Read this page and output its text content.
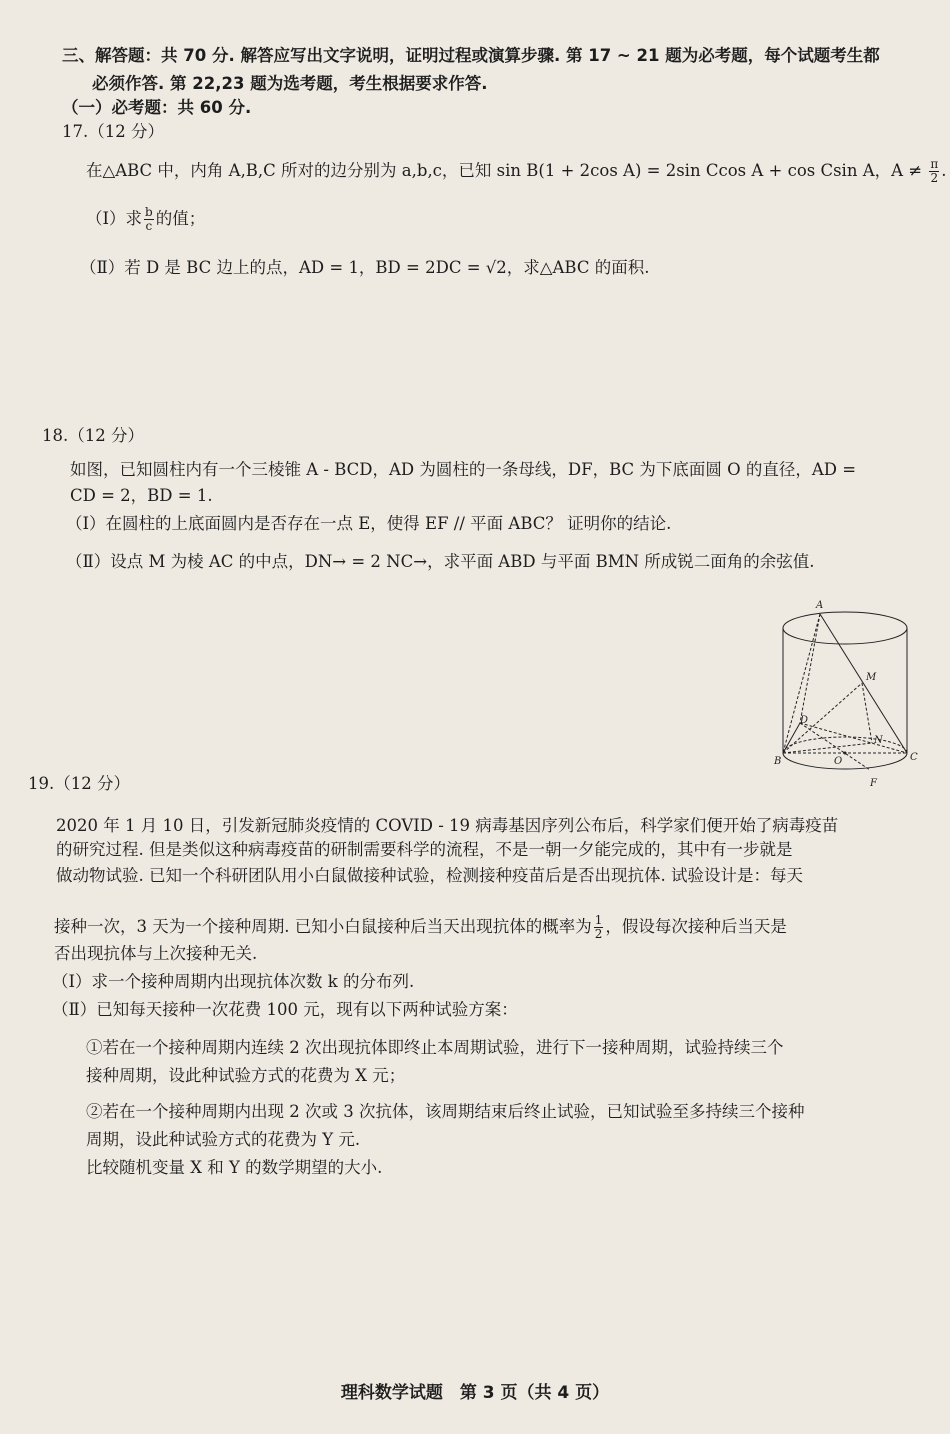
三、解答题：共 70 分. 解答应写出文字说明，证明过程或演算步骤. 第 17 ~ 21 题为必考题，每个试题考生都
必须作答. 第 22,23 题为选考题，考生根据要求作答.
（一）必考题：共 60 分.
17.（12 分）
在△ABC 中，内角 A,B,C 所对的边分别为 a,b,c，已知 sin B(1 + 2cos A) = 2sin Ccos A + cos Csin A，$A \ne \frac{\pi}{2}$ .
（Ⅰ）求 $\frac{b}{c}$ 的值；
（Ⅱ）若 D 是 BC 边上的点，AD = 1，BD = 2DC = √2，求△ABC 的面积.
18.（12 分）
如图，已知圆柱内有一个三棱锥 A - BCD，AD 为圆柱的一条母线，DF，BC 为下底面圆 O 的直径，AD =
CD = 2，BD = 1.
（Ⅰ）在圆柱的上底面圆内是否存在一点 E，使得 EF // 平面 ABC？ 证明你的结论.
（Ⅱ）设点 M 为棱 AC 的中点，DN→ = 2 NC→，求平面 ABD 与平面 BMN 所成锐二面角的余弦值.
A
M
D
N
B	O	C
F
19.（12 分）
2020 年 1 月 10 日，引发新冠肺炎疫情的 COVID - 19 病毒基因序列公布后，科学家们便开始了病毒疫苗
的研究过程. 但是类似这种病毒疫苗的研制需要科学的流程，不是一朝一夕能完成的，其中有一步就是
做动物试验. 已知一个科研团队用小白鼠做接种试验，检测接种疫苗后是否出现抗体. 试验设计是：每天
接种一次，3 天为一个接种周期. 已知小白鼠接种后当天出现抗体的概率为 $\frac{1}{2}$ ，假设每次接种后当天是
否出现抗体与上次接种无关.
（Ⅰ）求一个接种周期内出现抗体次数 k 的分布列.
（Ⅱ）已知每天接种一次花费 100 元，现有以下两种试验方案：
①若在一个接种周期内连续 2 次出现抗体即终止本周期试验，进行下一接种周期，试验持续三个
接种周期，设此种试验方式的花费为 X 元；
②若在一个接种周期内出现 2 次或 3 次抗体，该周期结束后终止试验，已知试验至多持续三个接种
周期，设此种试验方式的花费为 Y 元.
比较随机变量 X 和 Y 的数学期望的大小.
理科数学试题　第 3 页（共 4 页）
